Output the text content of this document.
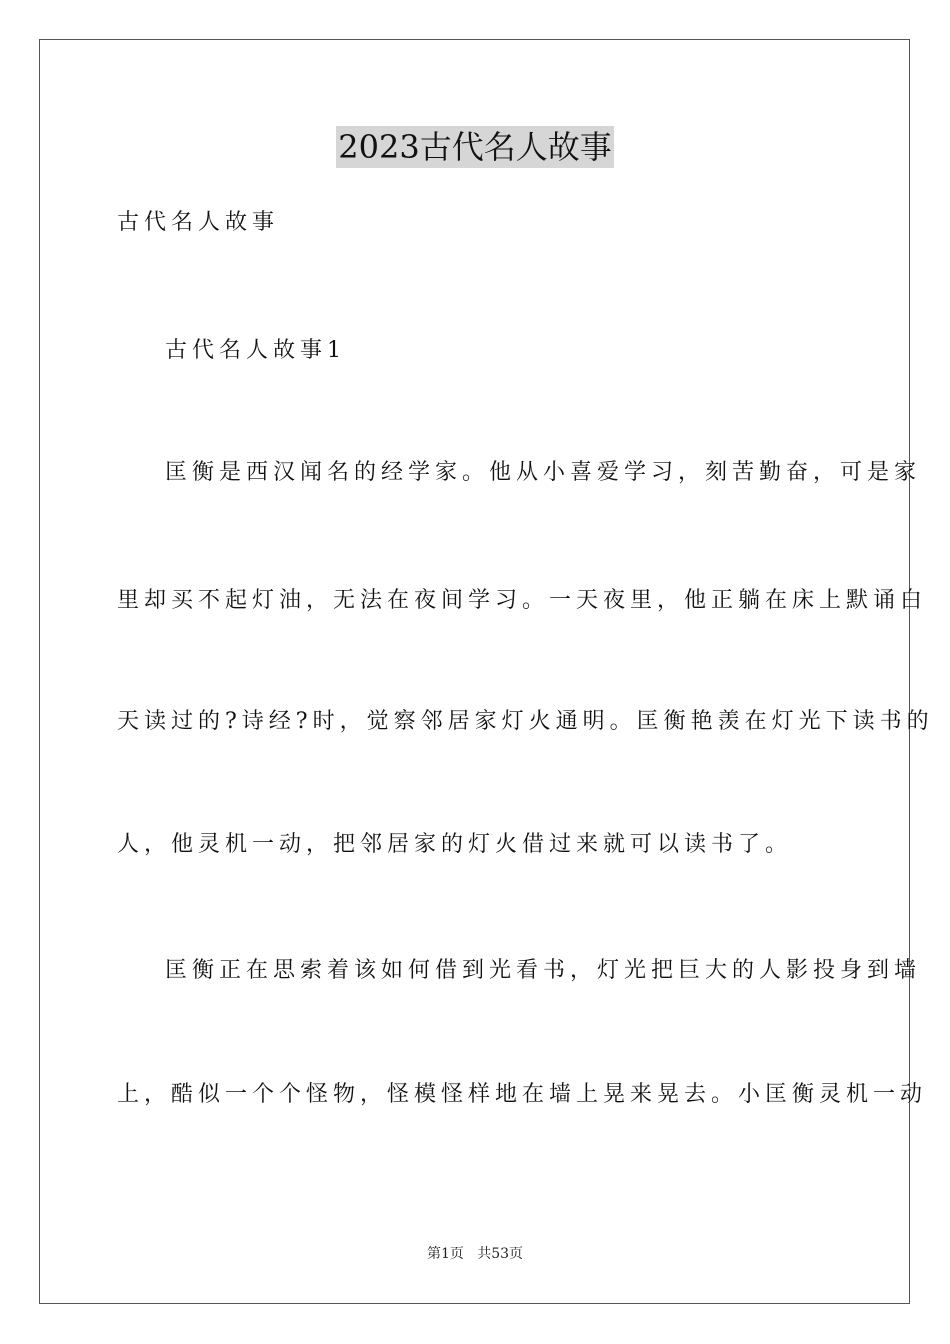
2023古代名人故事
古代名人故事
古代名人故事1
匡衡是西汉闻名的经学家。他从小喜爱学习，刻苦勤奋，可是家
里却买不起灯油，无法在夜间学习。一天夜里，他正躺在床上默诵白
天读过的?诗经?时，觉察邻居家灯火通明。匡衡艳羡在灯光下读书的
人，他灵机一动，把邻居家的灯火借过来就可以读书了。
匡衡正在思索着该如何借到光看书，灯光把巨大的人影投身到墙
上，酷似一个个怪物，怪模怪样地在墙上晃来晃去。小匡衡灵机一动
第1页   共53页
